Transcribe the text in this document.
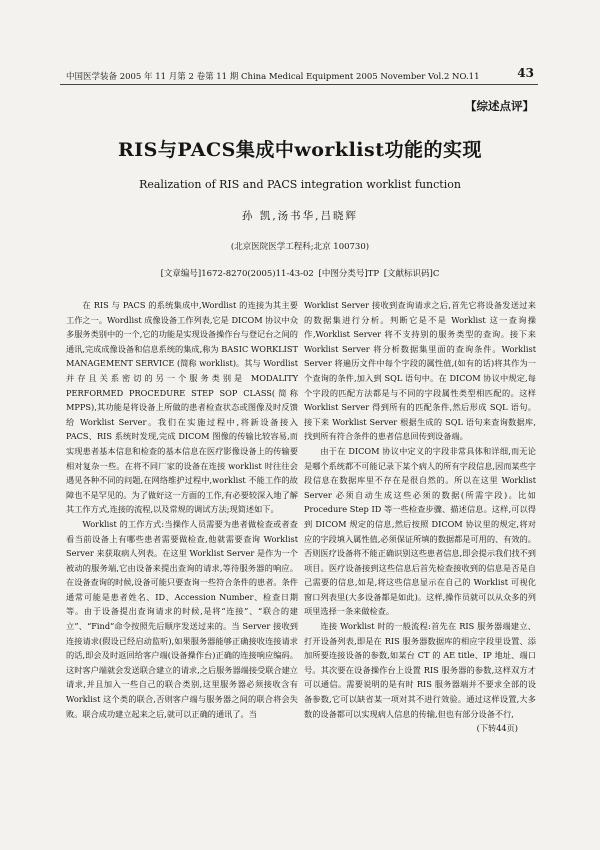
中国医学装备 2005 年 11 月第 2 卷第 11 期 China Medical Equipment 2005 November Vol.2 NO.11	43
【综述点评】
RIS与PACS集成中worklist功能的实现
Realization of RIS and PACS integration worklist function
孙 凯,汤书华,吕晓辉
(北京医院医学工程科;北京 100730)
[文章编号]1672-8270(2005)11-43-02 [中图分类号]TP [文献标识码]C

在 RIS 与 PACS 的系统集成中,Wordlist 的连接为其主要工作之一。Wordlist 成像设备工作列表,它是 DICOM 协议中众多服务类别中的一个,它的功能是实现设备操作台与登记台之间的通讯,完成成像设备和信息系统的集成,称为 BASIC WORKLIST MANAGEMENT SERVICE (简称 worklist)。其与 Wordlist 并存且关系密切的另一个服务类别是 MODALITY PERFORMED PROCEDURE STEP SOP CLASS(简称 MPPS),其功能是将设备上所做的患者检查状态或图像及时反馈给 Worklist Server。我们在实施过程中,将新设备接入 PACS、RIS 系统时发现,完成 DICOM 图像的传输比较容易,而实现患者基本信息和检查的基本信息在医疗影像设备上的传输要相对复杂一些。在将不同厂家的设备在连接 worklist 时往往会遇见各种不同的问题,在网络维护过程中,worklist 不能工作的故障也不是罕见的。为了做好这一方面的工作,有必要较深入地了解其工作方式,连接的流程,以及常规的调试方法;现简述如下。

Worklist 的工作方式:当操作人员需要为患者做检查或者查看当前设备上有哪些患者需要做检查,他就需要查询 Worklist Server 来获取病人列表。在这里 Worklist Server 是作为一个被动的服务端,它由设备来提出查询的请求,等待服务器的响应。在设备查询的时候,设备可能只要查询一些符合条件的患者。条件通常可能是患者姓名、ID、Accession Number、检查日期等。由于设备提出查询请求的时候,是将“连接”、“联合的建立”、“Find”命令按照先后顺序发送过来的。当 Server 接收到连接请求(假设已经启动监听),如果服务器能够正确接收连接请求的话,即会及时返回给客户端(设备操作台)正确的连接响应编码。这时客户端就会发送联合建立的请求,之后服务器端接受联合建立请求,并且加入一些自己的联合类别,这里服务器必须接收含有 Worklist 这个类的联合,否则客户端与服务器之间的联合将会失败。联合成功建立起来之后,就可以正确的通讯了。当

Worklist Server 接收到查询请求之后,首先它将设备发送过来的数据集进行分析。判断它是不是 Worklist 这一查询操作,Worklist Server 将不支持别的服务类型的查询。接下来 Worklist Server 将分析数据集里面的查询条件。Worklist Server 将遍历文件中每个字段的属性值,(如有的话)将其作为一个查询的条件,加入到 SQL 语句中。在 DICOM 协议中规定,每个字段的匹配方法都是与不同的字段属性类型相匹配的。这样 Worklist Server 得到所有的匹配条件,然后形成 SQL 语句。接下来 Worklist Server 根据生成的 SQL 语句来查询数据库,找到所有符合条件的患者信息回传到设备端。

由于在 DICOM 协议中定义的字段非常具体和详细,而无论是哪个系统都不可能记录下某个病人的所有字段信息,因而某些字段信息在数据库里不存在是很自然的。所以在这里 Worklist Server 必须自动生成这些必须的数据(所需字段)。比如 Procedure Step ID 等一些检查步骤、描述信息。这样,可以得到 DICOM 规定的信息,然后按照 DICOM 协议里的规定,将对应的字段填入属性值,必须保证所填的数据都是可用的、有效的。否则医疗设备将不能正确识别这些患者信息,即会提示我们找不到项目。医疗设备接到这些信息后首先检查接收到的信息是否是自己需要的信息,如是,将这些信息显示在自己的 Worklist 可视化窗口列表里(大多设备都是如此)。这样,操作员就可以从众多的列项里选择一条来做检查。

连接 Worklist 时的一般流程:首先在 RIS 服务器端建立、打开设备列表,即是在 RIS 服务器数据库的相应字段里设置、添加所要连接设备的参数,如某台 CT 的 AE title、IP 地址、端口号。其次要在设备操作台上设置 RIS 服务器的参数,这样双方才可以通信。需要说明的是有时 RIS 服务器端并不要求全部的设备参数,它可以缺省某一项对其不进行效验。通过这样设置,大多数的设备都可以实现病人信息的传输,但也有部分设备不行,

(下转44页)
